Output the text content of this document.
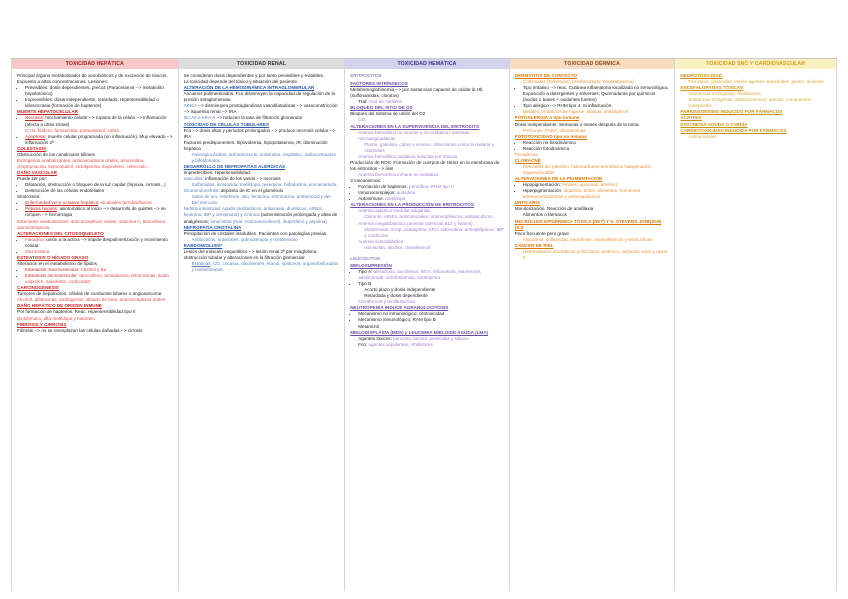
TOXICIDAD HEPÁTICA

Principal órgano metabolizador de xenobióticos y de excreción de tóxicos. Expuesto a altas concentraciones. Lesiones:

• Previsibles: dosis dependientes, precoz (Paracetamol --> metabolito hepatotóxico)
• Imprevisibles: dosis independiente, retardado. Hipersensibilidad o idiosincrasia (formación de haptenos)

MUERTE HEPATOCELULAR

• Necrosis: hinchamiento celular --> ruptura de la célula --> inflamación (afecta a otras zonas)

CCl4, fósforo, furosemida, paracetamol, cobre...

• Apoptosis: muerte celular programada (no inflamación). Muy elevado --> inflamación 2ª

COLESTASIS

Obstrucción de los canalículos biliares

Estrógenos anabolizantes, anticonceptivos orales, amoxicilina, clorpromacina, ketoconazol, ciclosporina, ibuprofeno, celecoxib...

DAÑO VASCULAR

Puede ser por:

• Dilatación, obstrucción o bloqueo de la luz capilar (hipoxia, cirrosis...)
• Destrucción de las células endoteliales

Síndromes:

• Enfermedad veno-oclusiva hepática: Alcaloides pirrolizidínicos
• Peliosis hepatis: asintomático al inicio --> desarrollo de quistes --> se rompen --> hemorragia

Esteroides anabolizantes, anticonceptivos orales, vitamina A, tamoxifeno, quimioterápicos...

ALTERACIONES DEL CITOESQUELETO

• Faloidina: unión a la actina --> impide despolimerización y movimiento celular.
• Microcistina

ESTEATOSIS O HÍGADO GRASO

Alteración en el metabolismo de lípidos

• Esteatosis macrovesicular: Alcohol y Ba
• Esteatosis microvesicular: tamoxifeno, amiodarona, tetraciclinas, ácido valproico, salicilatos, corticoides

CARCINOGÉNESIS

Tumores de hepatocitos, células de conductos biliares o angiosarcoma

Alcohol, aflatoxinas, andrógenos, dióxido de torio, anticonceptivos orales

DAÑO HEPÁTICO DE ORIGEN INMUNE

Por formación de haptenos. Reac. Hipersensibilidad tipo II

Diclofenaco, alfa-metildopa y halotano

FIBROSIS Y CIRROSIS

Fibrosis --> no se reemplazan las células dañadas --> cirrosis

TOXICIDAD RENAL

Se consideran dosis dependientes y por tanto previsibles y evitables.

La toxicidad depende del tóxico y situación del paciente.

ALTERACIÓN DE LA HEMODINÁMICA INTRAGLOMERULAR

Ancianos polimedicados. Fco disminuyen la capacidad de regulación de la presión intraglomerular.

AINEs --> disminuyen prostaglandinas vasodilatadoras --> vasoconstricción --> isquemia renal --> IRA

IECAs o ARA-II --> reducen la tasa de filtración glomerular

TOXICIDAD DE CÉLULAS TUBULARES

Fco --> dosis altas y periodos prolongados --> produce necrosis celular --> IRA

Factores predisponentes: hipovolemia, hipopotasemia, IR, disminución hepática

Aminoglucósidos, anfotericina B, antivirales, cisplatino, radiocontrastes y bifosfonatos

DESARROLLO DE NEFROPATÍAS ALÉRGICAS

Impredecibles. Hipersensibilidad.

Vasculitis: inflamación de los vasos --> necrosis

Sulfamidas, isoniazida, metildopa, reserpina, hidralazina, procainamida

Glomerulonefritis: depósito de IC en el glomérulo

Sales de oro, interferón, litio, fenitoína, ertromicina, probenecid y der. Del mercurio

Nefritis intersticial: Aguda (antibióticos, antivirales, diuréticos, AINEs, fenitoína, IBP y omeprazol) y Crónica (administración prolongada y altas de analgésicos; fenacetina (mat. Acetoaminofenol), ibuprofeno y aspirina)

NEFROPATÍA CRISTALINA

Precipitación de cristales insolubles. Pacientes con patologías previas.

Antibióticos, antivirales, quimioterapia y metotrexato

RABDOMIOLISIS*

Lesión del músculo esquelético --> lesión renal 2ª por mioglobina, obstrucción tubular y alteraciones en la filtración glomerular.

Estatinas, CO, cocaína, disolventes, etanol, opiáceos, organofosforados y biofosfonatos.

TOXICIDAD HEMÁTICA

ERITROCITOS

FACTORES INTRÍNSECOS

Metahemoglobinemia --> por sustancias capaces de oxidar la Hb (sulfonamidas, cloratos)

Trat: Azul de metileno

BLOQUEO DEL SITIO DE O2

Bloqueo del sistema de unión del O2

CO

ALTERACIONES EN LA SUPERVIVENCIA DEL ERITROCITO

Anemia hemolítica no inmune y no oxidativa / anemias microangiopáticas

Plomo, gasolina, cobre y veneno. Infecciones como la malaria y clostridios.

Anemia hemolítica oxidativa inducida por tóxicos

Producción de ROS. Formación de cuerpos de Heinz en la membrana de los eritrocitos --> lisis

Anemia hemolítica inmune no oxidativa

3 mecanismos:

• Formación de haptenos: penicilina. RHM tipo II
• Inmunocomplejos: quinidina
• Autoinmune: metildopa

ALTERACIONES EN LA PRODUCCIÓN DE ERITROCITOS

Anemia aplásica medular adquirida

Cloruros, AINEs, anticomiciales, antineoplásicos, antipsicóticos

Anemia megaloblástica (anemia carencial B12 y folatos)

Metotrexato, 6-mp, azatioprina, 5FU, zidovudina, antiepilépticos, IBP y colchicina

Anemia sideroblástica

Isoniazida, alcohol, cloranfenicol

LEUCOCITOS

MIELOSUPRESIÓN

• Tipo A: alecidrona, tacrólimus, MTX, lefunomida, etanercept, adalimumab, ciclofosfamida, azatioprina
• Tipo B

Acorto plazo y dosis independiente

Retardada y dosis dependiente

Clorafenicol y fenilbutazona

NEUTROPENIA INDUCE AGRANULOCITOSIS

• Mecanismo no inmunológico: citotoxicidad
• Mecanismo inmunológico: RAM tipo B

Metamizol

MIELODISPLASIA (MDS) y LEUCEMIA MIELOIDE AGUDA (LMA)

Agentes tóxicos: benceno, benzol, pesticidas y tabaco

Fco: agentes alquilantes, inhibidores

TOXICIDAD DÉRMICA

DERMATITIS DE CONTACTO

Corticoides (Dobetaso), prednicarbato, betametasona)

• Tipo irritativo --> reac. Cutánea inflamatoria localizada no inmunológica. Exposición a detergentes y solventes; Quemaduras por químicos (ácidos o bases + oxidantes fuertes)
• Tipo alérgico --> RHM tipo 4. Si inflamación.

Metales, productos de higiene, plantas, antisépticos

FOTOALERGIA o tipo inmune

Dosis independiente. Semanas o meses después de la toma.

Perfumes, PABA, nitrosaminas

FOTOTOXICIDAD tipo no inmune

• Reacción no fotodinámica
• Reacción fotodinámica

Psoralenos

CLORACNÉ

Derivados del petróleo, hidrocarburos aromáticos halogenados, organoclorados

ALTERACIONES DE LA PIGMENTACIÓN

• Hipopigmentación: fenoles, quinonas, arsénico
• Hiperpigmentación: alquitrán, tintes, alimentos, hormonas adrenocorticótropas y antineoplásicos

URTICARIA

Monitorización. Reacción de anafilaxia

Alimentos o fármacos

NECRÓLISIS EPIDÉRMICA TÓXICA (NET) Y S. STEVENS JOHNSON (SJ)

Poco frecuente pero grave

Alopurinol, sulfamidas, penicilinas, antiepilépticos y tetraciclinas

CÁNCER DE PIEL

Hidrocarburos aromáticos policíclicos, arsénico, radiación solar y rayos X

TOXICIDAD SNC Y CARDIOVASCULAR

NEUROTOXICIDAD

Fármacos, pesticidas, estrés agentes industriales, plomo, opioides

ENCEFALOPATÍAS TÓXICAS

Sustancias endógenas: fenilalanina

Sustancias Exógenas: antibacterianos, plantas, compuestos industriales

PARKINSONISMO INDUCIDO POR FÁRMACOS

ACATISIA

DISCINESIA AGUDA O TARDÍA

CARDIOTOXICIDAD INDUCIDA POR FÁRMACOS

Antitumorales
